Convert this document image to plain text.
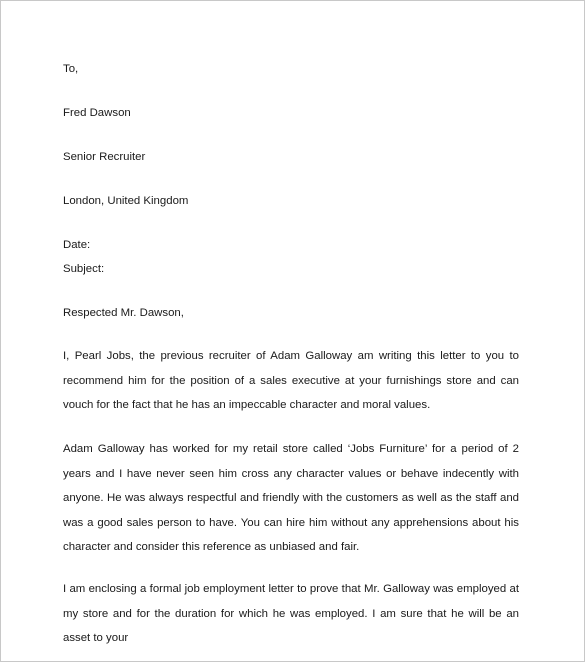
To,
Fred Dawson
Senior Recruiter
London, United Kingdom
Date:
Subject:
Respected Mr. Dawson,
I, Pearl Jobs, the previous recruiter of Adam Galloway am writing this letter to you to recommend him for the position of a sales executive at your furnishings store and can vouch for the fact that he has an impeccable character and moral values.
Adam Galloway has worked for my retail store called ‘Jobs Furniture’ for a period of 2 years and I have never seen him cross any character values or behave indecently with anyone. He was always respectful and friendly with the customers as well as the staff and was a good sales person to have. You can hire him without any apprehensions about his character and consider this reference as unbiased and fair.
I am enclosing a formal job employment letter to prove that Mr. Galloway was employed at my store and for the duration for which he was employed. I am sure that he will be an asset to your
